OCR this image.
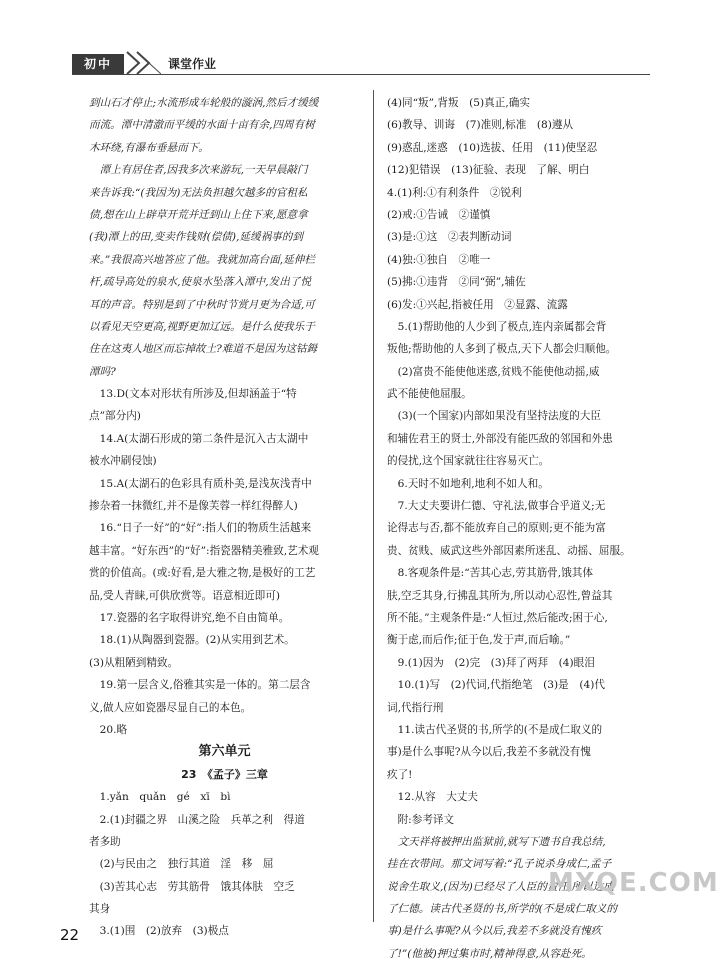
初中	课堂作业
到山石才停止;水流形成车轮般的漩涡,然后才缓缓
而流。潭中清澈而平缓的水面十亩有余,四周有树
木环绕,有瀑布垂悬而下。
　潭上有居住者,因我多次来游玩,一天早晨敲门
来告诉我:“(我因为)无法负担越欠越多的官租私
债,想在山上辟草开荒并迁到山上住下来,愿意拿
(我)潭上的田,变卖作钱财(偿债),延缓祸事的到
来。”我很高兴地答应了他。我就加高台面,延伸栏
杆,疏导高处的泉水,使泉水坠落入潭中,发出了悦
耳的声音。特别是到了中秋时节赏月更为合适,可
以看见天空更高,视野更加辽远。是什么使我乐于
住在这夷人地区而忘掉故土?难道不是因为这钴鉧
潭吗?
　13.D(文本对形状有所涉及,但却涵盖于“特
点”部分内)
　14.A(太湖石形成的第二条件是沉入古太湖中
被水冲刷侵蚀)
　15.A(太湖石的色彩具有质朴美,是浅灰浅青中
掺杂着一抹微红,并不是像芙蓉一样红得醉人)
　16.“日子一好”的“好”:指人们的物质生活越来
越丰富。“好东西”的“好”:指瓷器精美雅致,艺术观
赏的价值高。(或:好看,是大雅之物,是极好的工艺
品,受人青睐,可供欣赏等。语意相近即可)
　17.瓷器的名字取得讲究,绝不自由简单。
　18.(1)从陶器到瓷器。(2)从实用到艺术。
(3)从粗陋到精致。
　19.第一层含义,俗雅其实是一体的。第二层含
义,做人应如瓷器尽显自己的本色。
　20.略
第六单元
23　《孟子》三章
　1.yǎn　quǎn　gé　xī　bì
　2.(1)封疆之界　山溪之险　兵革之利　得道
者多助
　(2)与民由之　独行其道　淫　移　屈
　(3)苦其心志　劳其筋骨　饿其体肤　空乏
其身
　3.(1)围　(2)放弃　(3)极点
(4)同“叛”,背叛　(5)真正,确实
(6)教导、训诲　(7)准则,标准　(8)遵从
(9)惑乱,迷惑　(10)选拔、任用　(11)使坚忍
(12)犯错误　(13)征验、表现　了解、明白
4.(1)利:①有利条件　②锐利
(2)戒:①告诫　②谨慎
(3)是:①这　②表判断动词
(4)独:①独自　②唯一
(5)拂:①违背　②同“弼”,辅佐
(6)发:①兴起,指被任用　②显露、流露
　5.(1)帮助他的人少到了极点,连内亲属都会背
叛他;帮助他的人多到了极点,天下人都会归顺他。
　(2)富贵不能使他迷惑,贫贱不能使他动摇,威
武不能使他屈服。
　(3)(一个国家)内部如果没有坚持法度的大臣
和辅佐君王的贤士,外部没有能匹敌的邻国和外患
的侵扰,这个国家就往往容易灭亡。
　6.天时不如地利,地利不如人和。
　7.大丈夫要讲仁德、守礼法,做事合乎道义;无
论得志与否,都不能放弃自己的原则;更不能为富
贵、贫贱、威武这些外部因素所迷乱、动摇、屈服。
　8.客观条件是:“苦其心志,劳其筋骨,饿其体
肤,空乏其身,行拂乱其所为,所以动心忍性,曾益其
所不能。”主观条件是:“人恒过,然后能改;困于心,
衡于虑,而后作;征于色,发于声,而后喻。”
　9.(1)因为　(2)完　(3)拜了两拜　(4)眼泪
　10.(1)写　(2)代词,代指绝笔　(3)是　(4)代
词,代指行刑
　11.读古代圣贤的书,所学的(不是成仁取义的
事)是什么事呢?从今以后,我差不多就没有愧
疚了!
　12.从容　大丈夫
　附:参考译文
　文天祥将被押出监狱前,就写下遗书自我总结,
挂在衣带间。那文词写着:“孔子说杀身成仁,孟子
说舍生取义,(因为)已经尽了人臣的责任,所以达成
了仁德。读古代圣贤的书,所学的(不是成仁取义的
事)是什么事呢?从今以后,我差不多就没有愧疚
了!”(他被)押过集市时,精神得意,从容赴死。
22
MXQE.COM
